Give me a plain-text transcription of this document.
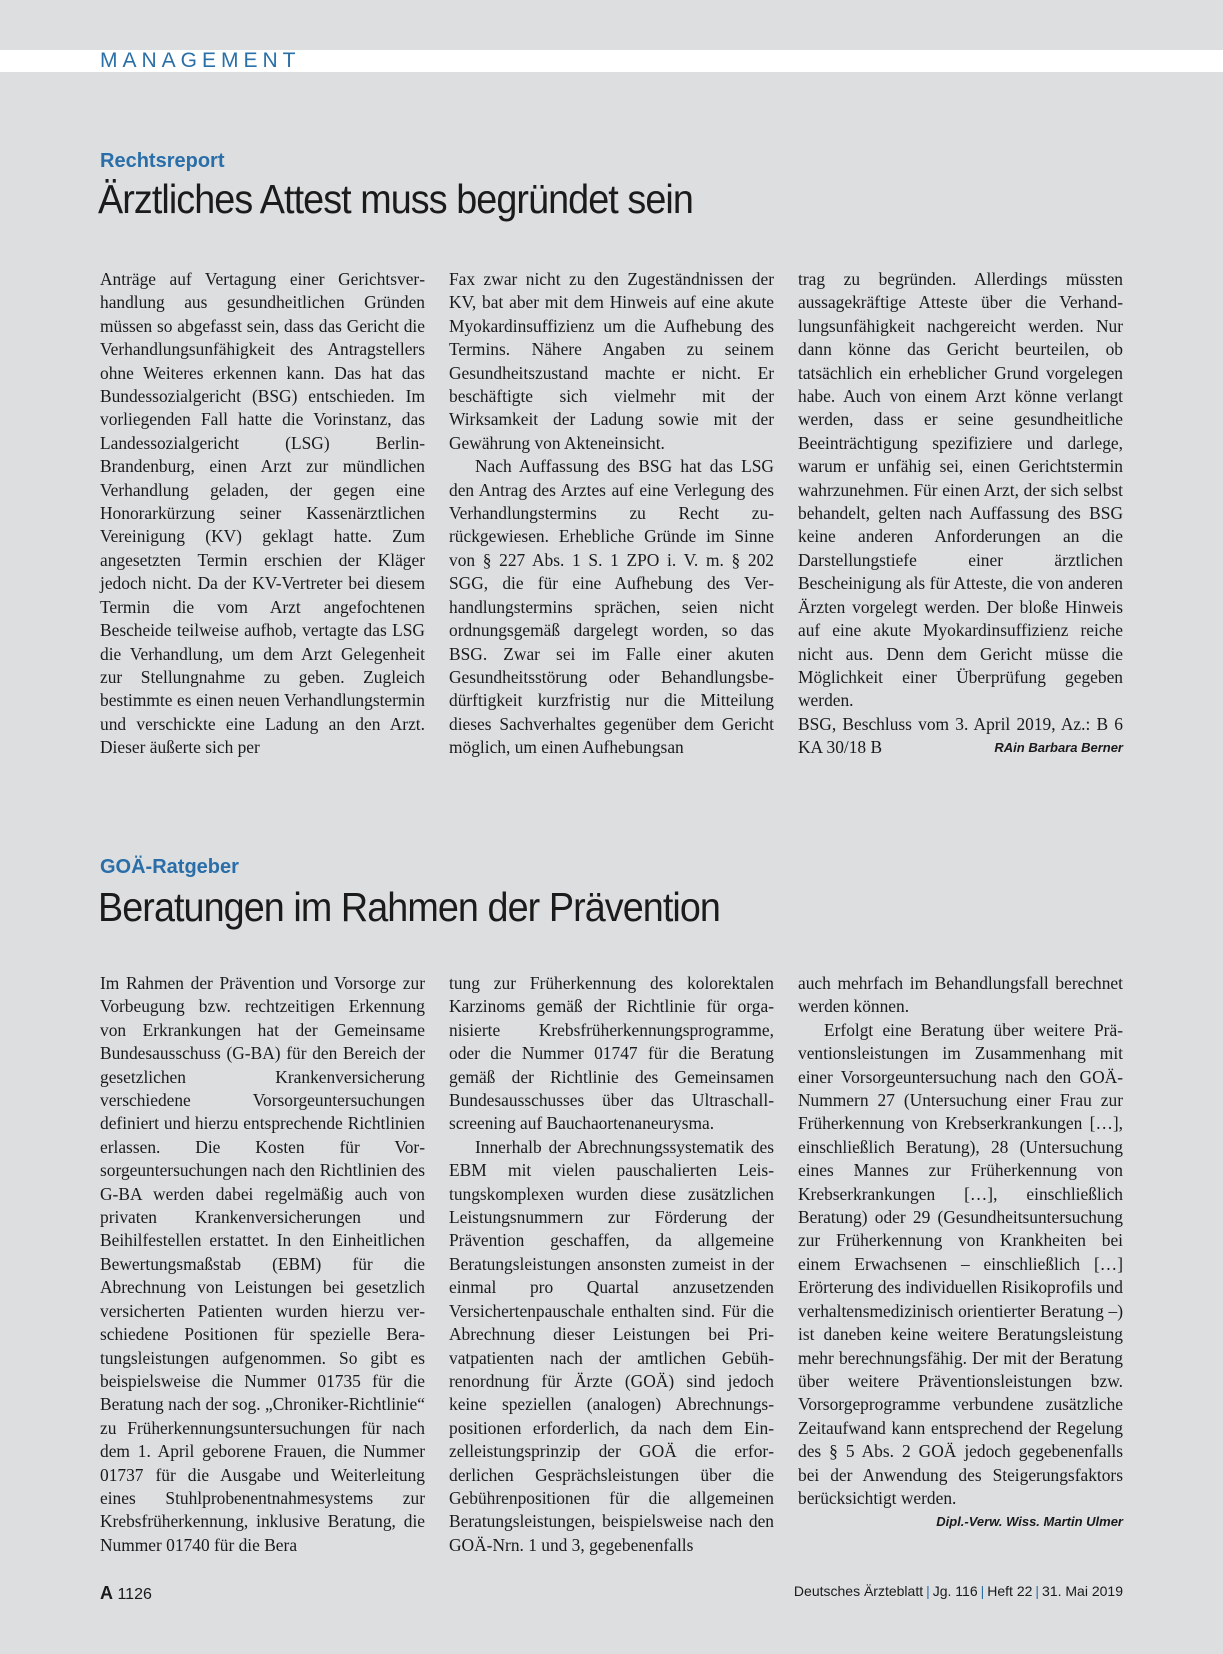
MANAGEMENT
Rechtsreport
Ärztliches Attest muss begründet sein

Anträge auf Vertagung einer Gerichtsverhandlung aus gesundheitlichen Gründen müssen so abgefasst sein, dass das Gericht die Verhandlungsunfähigkeit des Antragstellers ohne Weiteres erkennen kann. Das hat das Bundessozialgericht (BSG) entschieden. Im vorliegenden Fall hatte die Vorinstanz, das Landessozialgericht (LSG) Berlin-Brandenburg, einen Arzt zur mündlichen Verhandlung geladen, der gegen eine Honorarkürzung seiner Kassenärztlichen Vereinigung (KV) geklagt hatte. Zum angesetzten Termin erschien der Kläger jedoch nicht. Da der KV-Vertreter bei diesem Termin die vom Arzt angefochtenen Bescheide teilweise aufhob, vertagte das LSG die Verhandlung, um dem Arzt Gelegenheit zur Stellungnahme zu geben. Zugleich bestimmte es einen neuen Verhandlungstermin und verschickte eine Ladung an den Arzt. Dieser äußerte sich per

Fax zwar nicht zu den Zugeständnissen der KV, bat aber mit dem Hinweis auf eine akute Myokardinsuffizienz um die Aufhebung des Termins. Nähere Angaben zu seinem Gesundheitszustand machte er nicht. Er beschäftigte sich vielmehr mit der Wirksamkeit der Ladung sowie mit der Gewährung von Akteneinsicht.

Nach Auffassung des BSG hat das LSG den Antrag des Arztes auf eine Verlegung des Verhandlungstermins zu Recht zurückgewiesen. Erhebliche Gründe im Sinne von § 227 Abs. 1 S. 1 ZPO i. V. m. § 202 SGG, die für eine Aufhebung des Verhandlungstermins sprächen, seien nicht ordnungsgemäß dargelegt worden, so das BSG. Zwar sei im Falle einer akuten Gesundheitsstörung oder Behandlungsbedürftigkeit kurzfristig nur die Mitteilung dieses Sachverhaltes gegenüber dem Gericht möglich, um einen Aufhebungsan

trag zu begründen. Allerdings müssten aussagekräftige Atteste über die Verhandlungsunfähigkeit nachgereicht werden. Nur dann könne das Gericht beurteilen, ob tatsächlich ein erheblicher Grund vorgelegen habe. Auch von einem Arzt könne verlangt werden, dass er seine gesundheitliche Beeinträchtigung spezifiziere und darlege, warum er unfähig sei, einen Gerichtstermin wahrzunehmen. Für einen Arzt, der sich selbst behandelt, gelten nach Auffassung des BSG keine anderen Anforderungen an die Darstellungstiefe einer ärztlichen Bescheinigung als für Atteste, die von anderen Ärzten vorgelegt werden. Der bloße Hinweis auf eine akute Myokardinsuffizienz reiche nicht aus. Denn dem Gericht müsse die Möglichkeit einer Überprüfung gegeben werden.

BSG, Beschluss vom 3. April 2019, Az.: B 6 KA 30/18 B	RAin Barbara Berner

GOÄ-Ratgeber
Beratungen im Rahmen der Prävention

Im Rahmen der Prävention und Vorsorge zur Vorbeugung bzw. rechtzeitigen Erkennung von Erkrankungen hat der Gemeinsame Bundesausschuss (G-BA) für den Bereich der gesetzlichen Krankenversicherung verschiedene Vorsorgeuntersuchungen definiert und hierzu entsprechende Richtlinien erlassen. Die Kosten für Vorsorgeuntersuchungen nach den Richtlinien des G-BA werden dabei regelmäßig auch von privaten Krankenversicherungen und Beihilfestellen erstattet. In den Einheitlichen Bewertungsmaßstab (EBM) für die Abrechnung von Leistungen bei gesetzlich versicherten Patienten wurden hierzu verschiedene Positionen für spezielle Beratungsleistungen aufgenommen. So gibt es beispielsweise die Nummer 01735 für die Beratung nach der sog. „Chroniker-Richtlinie“ zu Früherkennungsuntersuchungen für nach dem 1. April geborene Frauen, die Nummer 01737 für die Ausgabe und Weiterleitung eines Stuhlprobenentnahmesystems zur Krebsfrüherkennung, inklusive Beratung, die Nummer 01740 für die Bera

tung zur Früherkennung des kolorektalen Karzinoms gemäß der Richtlinie für organisierte Krebsfrüherkennungsprogramme, oder die Nummer 01747 für die Beratung gemäß der Richtlinie des Gemeinsamen Bundesausschusses über das Ultraschallscreening auf Bauchaortenaneurysma.

Innerhalb der Abrechnungssystematik des EBM mit vielen pauschalierten Leistungskomplexen wurden diese zusätzlichen Leistungsnummern zur Förderung der Prävention geschaffen, da allgemeine Beratungsleistungen ansonsten zumeist in der einmal pro Quartal anzusetzenden Versichertenpauschale enthalten sind. Für die Abrechnung dieser Leistungen bei Privatpatienten nach der amtlichen Gebührenordnung für Ärzte (GOÄ) sind jedoch keine speziellen (analogen) Abrechnungspositionen erforderlich, da nach dem Einzelleistungsprinzip der GOÄ die erforderlichen Gesprächsleistungen über die Gebührenpositionen für die allgemeinen Beratungsleistungen, beispielsweise nach den GOÄ-Nrn. 1 und 3, gegebenenfalls

auch mehrfach im Behandlungsfall berechnet werden können.

Erfolgt eine Beratung über weitere Präventionsleistungen im Zusammenhang mit einer Vorsorgeuntersuchung nach den GOÄ-Nummern 27 (Untersuchung einer Frau zur Früherkennung von Krebserkrankungen […], einschließlich Beratung), 28 (Untersuchung eines Mannes zur Früherkennung von Krebserkrankungen […], einschließlich Beratung) oder 29 (Gesundheitsuntersuchung zur Früherkennung von Krankheiten bei einem Erwachsenen – einschließlich […] Erörterung des individuellen Risikoprofils und verhaltensmedizinisch orientierter Beratung –) ist daneben keine weitere Beratungsleistung mehr berechnungsfähig. Der mit der Beratung über weitere Präventionsleistungen bzw. Vorsorgeprogramme verbundene zusätzliche Zeitaufwand kann entsprechend der Regelung des § 5 Abs. 2 GOÄ jedoch gegebenenfalls bei der Anwendung des Steigerungsfaktors berücksichtigt werden.
Dipl.-Verw. Wiss. Martin Ulmer

A 1126	Deutsches Ärzteblatt | Jg. 116 | Heft 22 | 31. Mai 2019
